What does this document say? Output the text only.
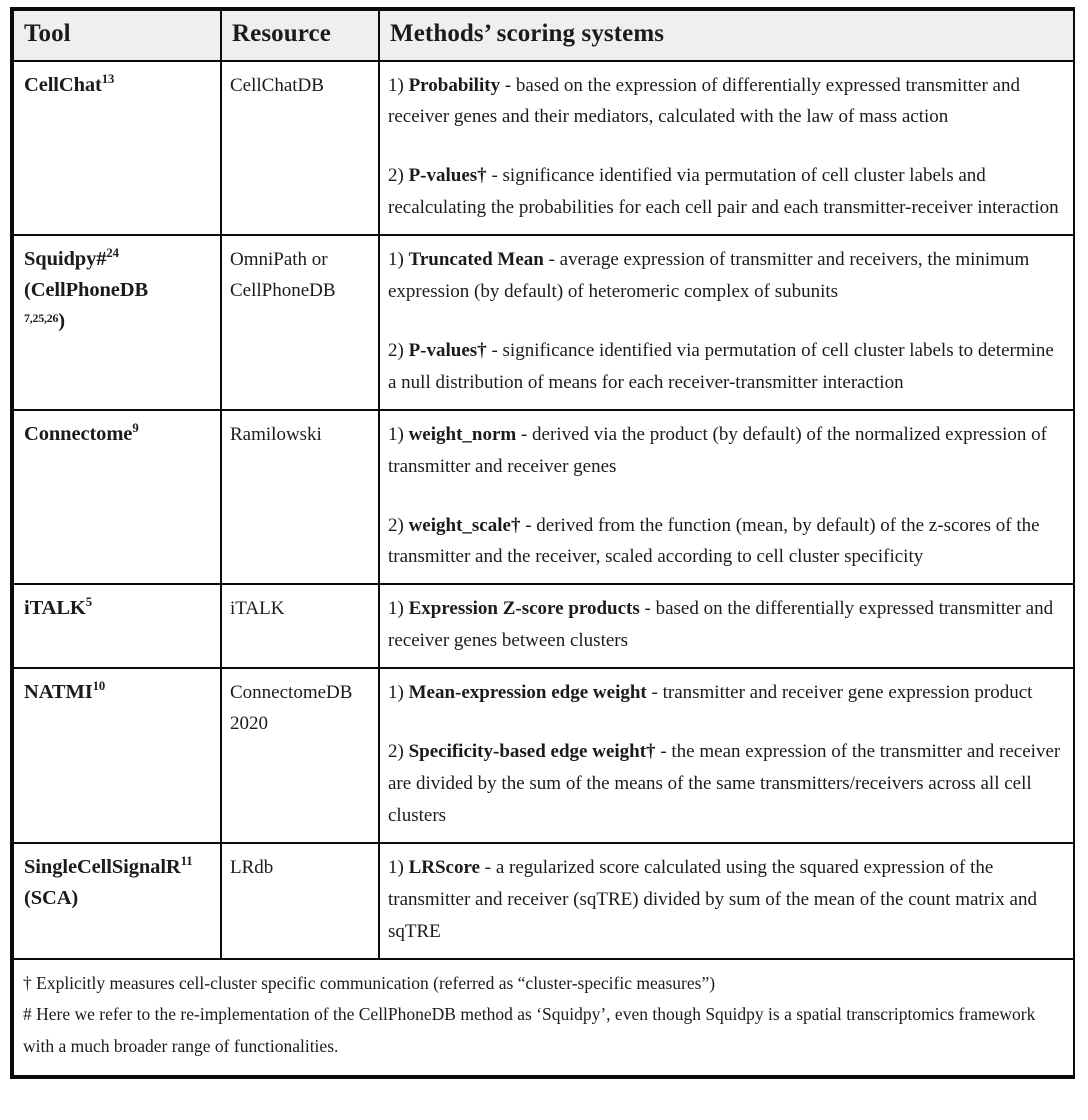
Tool	Resource	Methods’ scoring systems
CellChat$^{13}$	CellChatDB	1) Probability - based on the expression of differentially expressed transmitter and receiver genes and their mediators, calculated with the law of mass action

2) P-values† - significance identified via permutation of cell cluster labels and recalculating the probabilities for each cell pair and each transmitter-receiver interaction

Squidpy#$^{24}$
(CellPhoneDB
$^{7,25,26}$)	OmniPath or CellPhoneDB	

1) Truncated Mean - average expression of transmitter and receivers, the minimum expression (by default) of heteromeric complex of subunits

2) P-values† - significance identified via permutation of cell cluster labels to determine a null distribution of means for each receiver-transmitter interaction

Connectome$^9$	Ramilowski	1) weight_norm - derived via the product (by default) of the normalized expression of transmitter and receiver genes

2) weight_scale† - derived from the function (mean, by default) of the z-scores of the transmitter and the receiver, scaled according to cell cluster specificity

iTALK$^5$	iTALK	1) Expression Z-score products - based on the differentially expressed transmitter and receiver genes between clusters

NATMI$^{10}$	ConnectomeDB 2020	1) Mean-expression edge weight - transmitter and receiver gene expression product

2) Specificity-based edge weight† - the mean expression of the transmitter and receiver are divided by the sum of the means of the same transmitters/receivers across all cell clusters

SingleCellSignalR$^{11}$
(SCA)	LRdb	1) LRScore - a regularized score calculated using the squared expression of the transmitter and receiver (sqTRE) divided by sum of the mean of the count matrix and sqTRE

† Explicitly measures cell-cluster specific communication (referred as “cluster-specific measures”)

# Here we refer to the re-implementation of the CellPhoneDB method as ‘Squidpy’, even though Squidpy is a spatial transcriptomics framework with a much broader range of functionalities.		
